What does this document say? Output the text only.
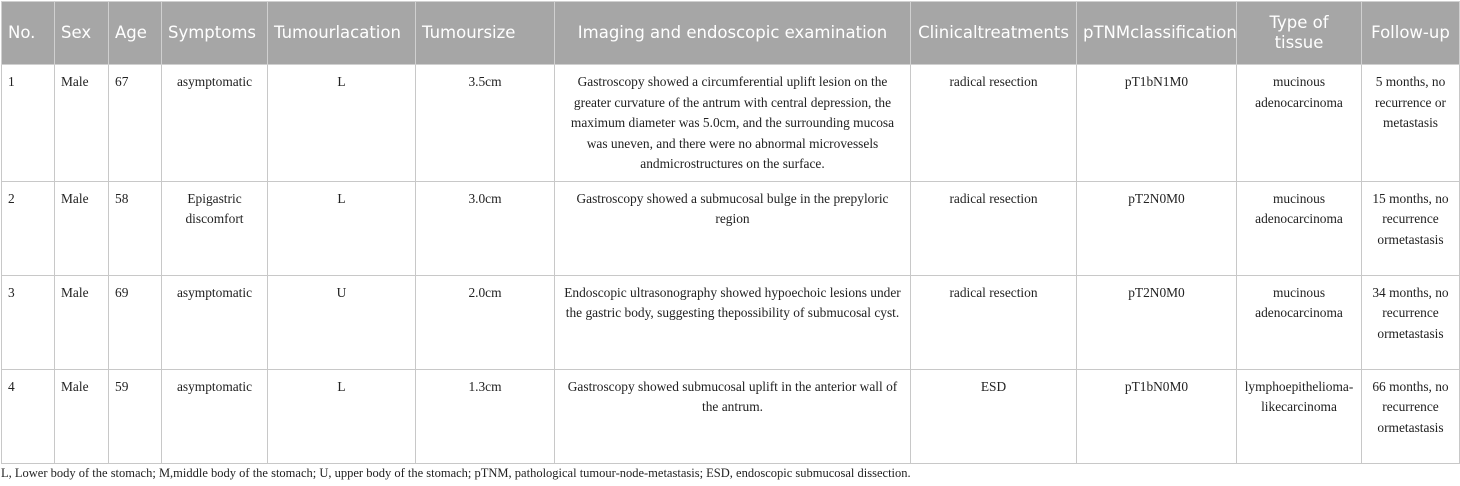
No.	Sex	Age	Symptoms	Tumourlacation	Tumoursize	Imaging and endoscopic examination	Clinicaltreatments	pTNMclassification	Type of tissue	Follow-up
1	Male	67	asymptomatic	L	3.5cm	Gastroscopy showed a circumferential uplift lesion on the greater curvature of the antrum with central depression, the maximum diameter was 5.0cm, and the surrounding mucosa was uneven, and there were no abnormal microvessels andmicrostructures on the surface.	radical resection	pT1bN1M0	mucinous adenocarcinoma	5 months, no recurrence or metastasis
2	Male	58	Epigastric discomfort	L	3.0cm	Gastroscopy showed a submucosal bulge in the prepyloric region	radical resection	pT2N0M0	mucinous adenocarcinoma	15 months, no recurrence ormetastasis
3	Male	69	asymptomatic	U	2.0cm	Endoscopic ultrasonography showed hypoechoic lesions under the gastric body, suggesting thepossibility of submucosal cyst.	radical resection	pT2N0M0	mucinous adenocarcinoma	34 months, no recurrence ormetastasis
4	Male	59	asymptomatic	L	1.3cm	Gastroscopy showed submucosal uplift in the anterior wall of the antrum.	ESD	pT1bN0M0	lymphoepithelioma-likecarcinoma	66 months, no recurrence ormetastasis
L, Lower body of the stomach; M,middle body of the stomach; U, upper body of the stomach; pTNM, pathological tumour-node-metastasis; ESD, endoscopic submucosal dissection.
